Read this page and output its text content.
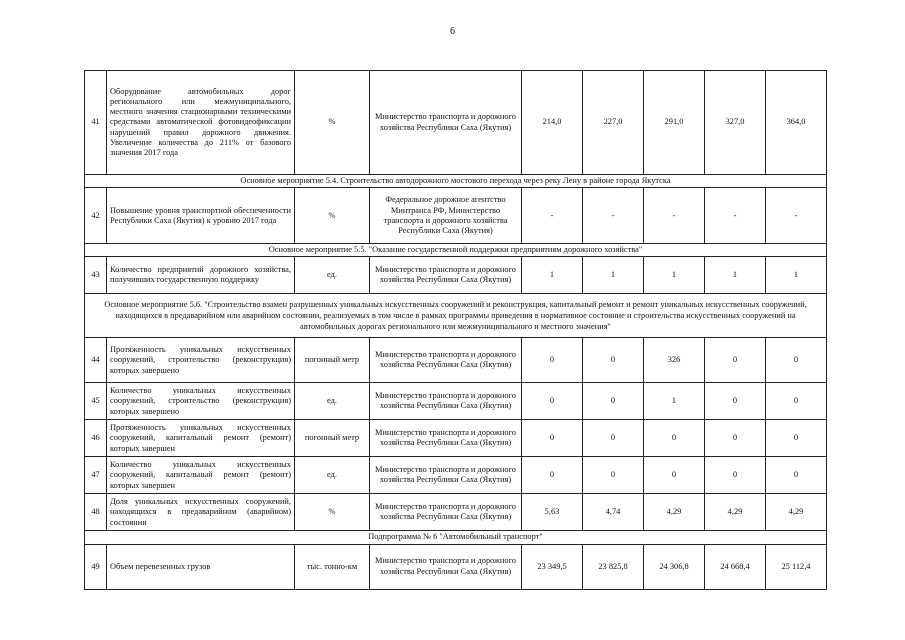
6
41	Оборудование автомобильных дорог регионального или межмуниципального, местного значения стационарными техническими средствами автоматической фотовидеофиксации нарушений правил дорожного движения. Увеличение количества до 211% от базового значения 2017 года	%	Министерство транспорта и дорожного хозяйства Республики Саха (Якутия)	214,0	227,0	291,0	327,0	364,0
Основное мероприятие 5.4. Строительство автодорожного мостового перехода через реку Лену в районе города Якутска								
42	Повышение уровня транспортной обеспеченности Республики Саха (Якутия) к уровню 2017 года	%	Федеральное дорожное агентство Минтранса РФ, Министерство транспорта и дорожного хозяйства Республики Саха (Якутия)	-	-	-	-	-
Основное мероприятие 5.5. "Оказание государственной поддержки предприятиям дорожного хозяйства"								
43	Количество предприятий дорожного хозяйства, получивших государственную поддержку	ед.	Министерство транспорта и дорожного хозяйства Республики Саха (Якутия)	1	1	1	1	1
Основное мероприятие 5.6. "Строительство взамен разрушенных уникальных искусственных сооружений и реконструкция, капитальный ремонт и ремонт уникальных искусственных сооружений, находящихся в предаварийном или аварийном состоянии, реализуемых в том числе в рамках программы приведения в нормативное состояние и строительства искусственных сооружений на автомобильных дорогах регионального или межмуниципального и местного значения"								
44	Протяженность уникальных искусственных сооружений, строительство (реконструкция) которых завершено	погонный метр	Министерство транспорта и дорожного хозяйства Республики Саха (Якутия)	0	0	326	0	0
45	Количество уникальных искусственных сооружений, строительство (реконструкция) которых завершено	ед.	Министерство транспорта и дорожного хозяйства Республики Саха (Якутия)	0	0	1	0	0
46	Протяженность уникальных искусственных сооружений, капитальный ремонт (ремонт) которых завершен	погонный метр	Министерство транспорта и дорожного хозяйства Республики Саха (Якутия)	0	0	0	0	0
47	Количество уникальных искусственных сооружений, капитальный ремонт (ремонт) которых завершен	ед.	Министерство транспорта и дорожного хозяйства Республики Саха (Якутия)	0	0	0	0	0
48	Доля уникальных искусственных сооружений, находящихся в предаварийном (аварийном) состоянии	%	Министерство транспорта и дорожного хозяйства Республики Саха (Якутия)	5,63	4,74	4,29	4,29	4,29
Подпрограмма № 6 "Автомобильный транспорт"								
49	Объем перевезенных грузов	тыс. тонно-км	Министерство транспорта и дорожного хозяйства Республики Саха (Якутия)	23 349,5	23 825,8	24 306,8	24 668,4	25 112,4
